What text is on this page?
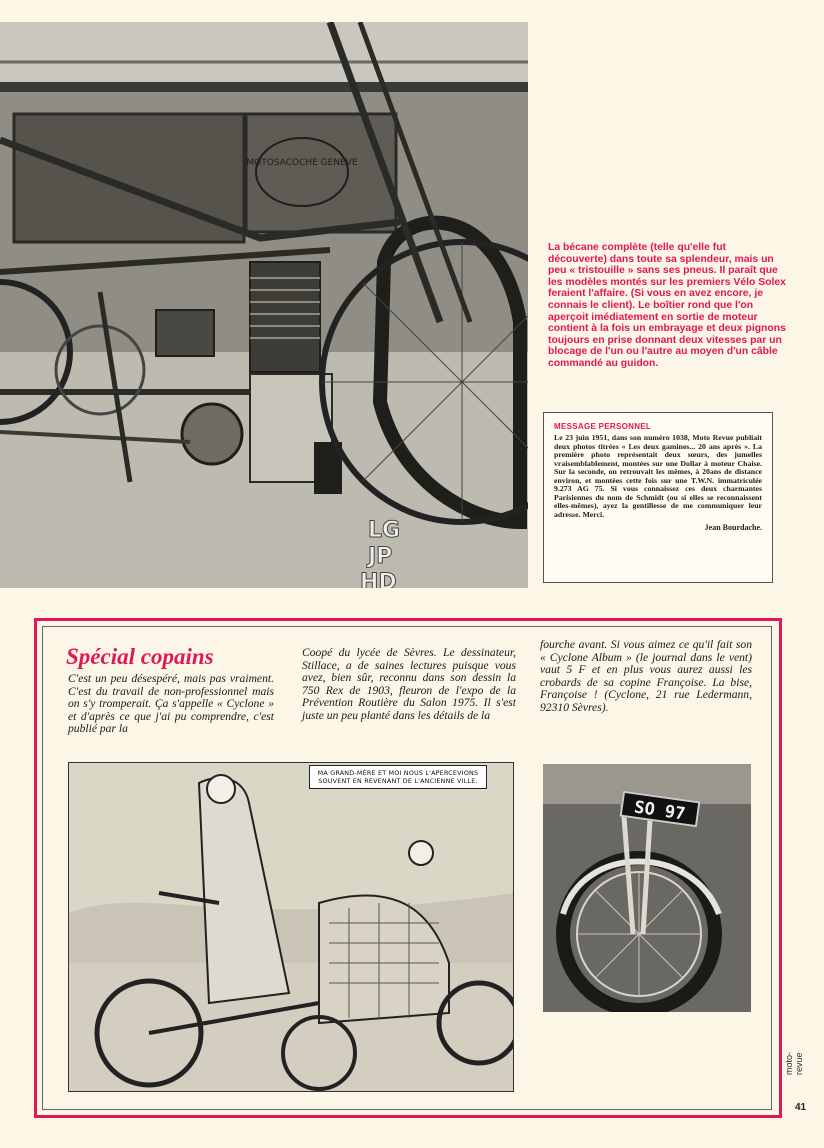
MOTOSACOCHE GENEVE
LG
JP
HD

La bécane complète (telle qu'elle fut découverte) dans toute sa splendeur, mais un peu « tristouille » sans ses pneus. Il paraît que les modèles montés sur les premiers Vélo Solex feraient l'affaire. (Si vous en avez encore, je connais le client). Le boîtier rond que l'on aperçoit imédiatement en sortie de moteur contient à la fois un embrayage et deux pignons toujours en prise donnant deux vitesses par un blocage de l'un ou l'autre au moyen d'un câble commandé au guidon.

MESSAGE PERSONNEL
Le 23 juin 1951, dans son numéro 1038, Moto Revue publiait deux photos titrées « Les deux gamines... 20 ans après ». La première photo représentait deux sœurs, des jumelles vraisemblablement, montées sur une Dollar à moteur Chaise. Sur la seconde, on retrouvait les mêmes, à 20ans de distance environ, et montées cette fois sur une T.W.N. immatriculée 9.273 AG 75. Si vous connaissez ces deux charmantes Parisiennes du nom de Schmidt (ou si elles se reconnaissent elles-mêmes), ayez la gentillesse de me communiquer leur adresse. Merci.
Jean Bourdache.
Spécial copains

C'est un peu désespéré, mais pas vraiment. C'est du travail de non-professionnel mais on s'y tromperait. Ça s'appelle « Cyclone » et d'après ce que j'ai pu comprendre, c'est publié par la

Coopé du lycée de Sèvres. Le dessinateur, Stillace, a de saines lectures puisque vous avez, bien sûr, reconnu dans son dessin la 750 Rex de 1903, fleuron de l'expo de la Prévention Routière du Salon 1975. Il s'est juste un peu planté dans les détails de la

fourche avant. Si vous aimez ce qu'il fait son « Cyclone Album » (le journal dans le vent) vaut 5 F et en plus vous aurez aussi les crobards de sa copine Françoise. La bise, Françoise ! (Cyclone, 21 rue Ledermann, 92310 Sèvres).

MA GRAND-MÈRE ET MOI NOUS L'APERCEVIONS SOUVENT EN REVENANT DE L'ANCIENNE VILLE.
SO 97
moto-revue
41
